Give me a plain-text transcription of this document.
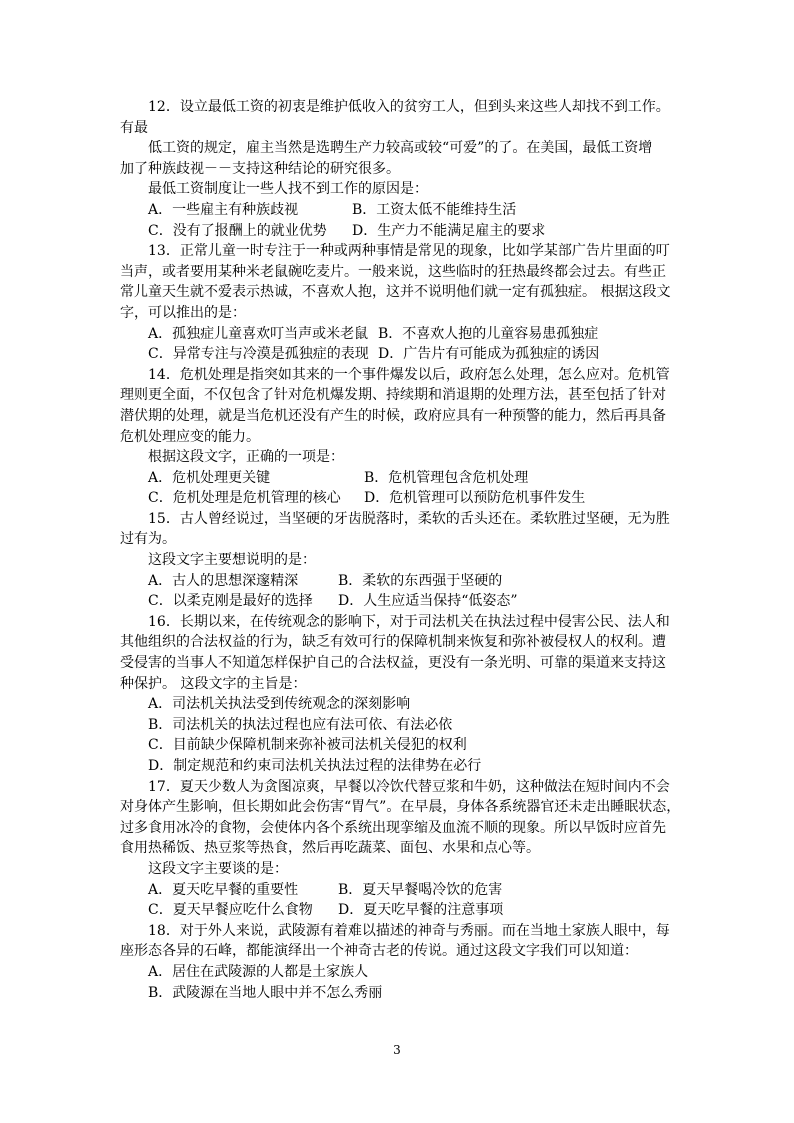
12．设立最低工资的初衷是维护低收入的贫穷工人，但到头来这些人却找不到工作。
有最
低工资的规定，雇主当然是选聘生产力较高或较“可爱”的了。在美国，最低工资增
加了种族歧视－－支持这种结论的研究很多。
最低工资制度让一些人找不到工作的原因是：
A．一些雇主有种族歧视	B．工资太低不能维持生活
C．没有了报酬上的就业优势	D．生产力不能满足雇主的要求
13．正常儿童一时专注于一种或两种事情是常见的现象，比如学某部广告片里面的叮
当声，或者要用某种米老鼠碗吃麦片。一般来说，这些临时的狂热最终都会过去。有些正
常儿童天生就不爱表示热诚，不喜欢人抱，这并不说明他们就一定有孤独症。 根据这段文
字，可以推出的是：
A．孤独症儿童喜欢叮当声或米老鼠 B．不喜欢人抱的儿童容易患孤独症
C．异常专注与冷漠是孤独症的表现 D．广告片有可能成为孤独症的诱因
14．危机处理是指突如其来的一个事件爆发以后，政府怎么处理，怎么应对。危机管
理则更全面，不仅包含了针对危机爆发期、持续期和消退期的处理方法，甚至包括了针对
潜伏期的处理，就是当危机还没有产生的时候，政府应具有一种预警的能力，然后再具备
危机处理应变的能力。
根据这段文字，正确的一项是：
A．危机处理更关键	B．危机管理包含危机处理
C．危机处理是危机管理的核心	D．危机管理可以预防危机事件发生
15．古人曾经说过，当坚硬的牙齿脱落时，柔软的舌头还在。柔软胜过坚硬，无为胜
过有为。
这段文字主要想说明的是：
A．古人的思想深邃精深	B．柔软的东西强于坚硬的
C．以柔克刚是最好的选择	D．人生应适当保持“低姿态”
16．长期以来，在传统观念的影响下，对于司法机关在执法过程中侵害公民、法人和
其他组织的合法权益的行为，缺乏有效可行的保障机制来恢复和弥补被侵权人的权利。遭
受侵害的当事人不知道怎样保护自己的合法权益，更没有一条光明、可靠的渠道来支持这
种保护。 这段文字的主旨是：
A．司法机关执法受到传统观念的深刻影响
B．司法机关的执法过程也应有法可依、有法必依
C．目前缺少保障机制来弥补被司法机关侵犯的权利
D．制定规范和约束司法机关执法过程的法律势在必行
17．夏天少数人为贪图凉爽，早餐以冷饮代替豆浆和牛奶，这种做法在短时间内不会
对身体产生影响，但长期如此会伤害“胃气”。在早晨，身体各系统器官还未走出睡眠状态，
过多食用冰冷的食物，会使体内各个系统出现挛缩及血流不顺的现象。所以早饭时应首先
食用热稀饭、热豆浆等热食，然后再吃蔬菜、面包、水果和点心等。
这段文字主要谈的是：
A．夏天吃早餐的重要性	B．夏天早餐喝冷饮的危害
C．夏天早餐应吃什么食物	D．夏天吃早餐的注意事项
18．对于外人来说，武陵源有着难以描述的神奇与秀丽。而在当地土家族人眼中，每
座形态各异的石峰，都能演绎出一个神奇古老的传说。通过这段文字我们可以知道：
A．居住在武陵源的人都是土家族人
B．武陵源在当地人眼中并不怎么秀丽
3
